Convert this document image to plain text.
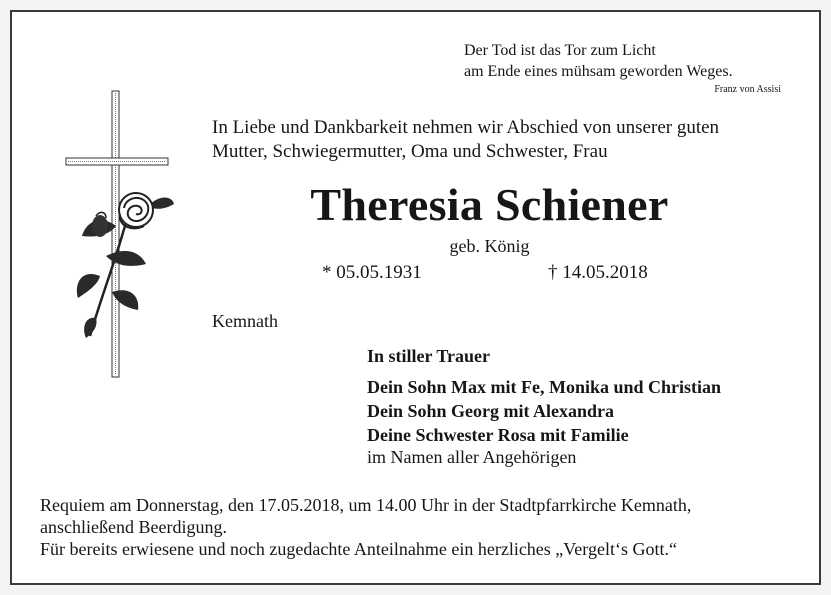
Der Tod ist das Tor zum Licht
am Ende eines mühsam geworden Weges.
Franz von Assisi
In Liebe und Dankbarkeit nehmen wir Abschied von unserer guten
Mutter, Schwiegermutter, Oma und Schwester, Frau
Theresia Schiener
geb. König
* 05.05.1931	† 14.05.2018
Kemnath
In stiller Trauer
Dein Sohn Max mit Fe, Monika und Christian
Dein Sohn Georg mit Alexandra
Deine Schwester Rosa mit Familie
im Namen aller Angehörigen
Requiem am Donnerstag, den 17.05.2018, um 14.00 Uhr in der Stadtpfarrkirche Kemnath,
anschließend Beerdigung.
Für bereits erwiesene und noch zugedachte Anteilnahme ein herzliches „Vergelt‘s Gott.“
